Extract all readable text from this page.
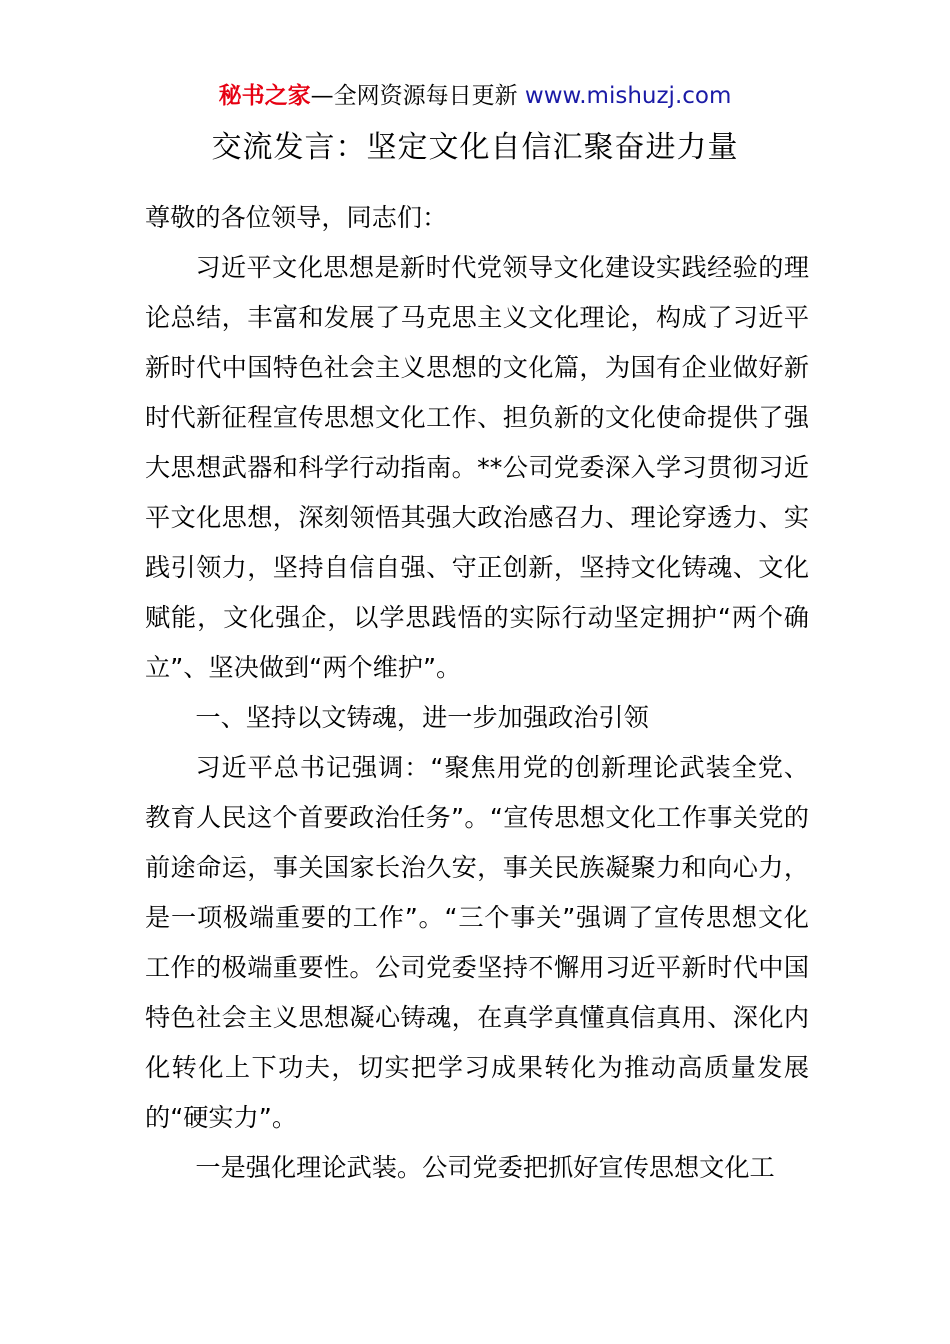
秘书之家—全网资源每日更新 www.mishuzj.com
交流发言：坚定文化自信汇聚奋进力量

尊敬的各位领导，同志们：

习近平文化思想是新时代党领导文化建设实践经验的理论总结，丰富和发展了马克思主义文化理论，构成了习近平新时代中国特色社会主义思想的文化篇，为国有企业做好新时代新征程宣传思想文化工作、担负新的文化使命提供了强大思想武器和科学行动指南。**公司党委深入学习贯彻习近平文化思想，深刻领悟其强大政治感召力、理论穿透力、实践引领力，坚持自信自强、守正创新，坚持文化铸魂、文化赋能，文化强企，以学思践悟的实际行动坚定拥护“两个确立”、坚决做到“两个维护”。

一、坚持以文铸魂，进一步加强政治引领

习近平总书记强调：“聚焦用党的创新理论武装全党、教育人民这个首要政治任务”。“宣传思想文化工作事关党的前途命运，事关国家长治久安，事关民族凝聚力和向心力，是一项极端重要的工作”。“三个事关”强调了宣传思想文化工作的极端重要性。公司党委坚持不懈用习近平新时代中国特色社会主义思想凝心铸魂，在真学真懂真信真用、深化内化转化上下功夫，切实把学习成果转化为推动高质量发展的“硬实力”。

一是强化理论武装。公司党委把抓好宣传思想文化工
